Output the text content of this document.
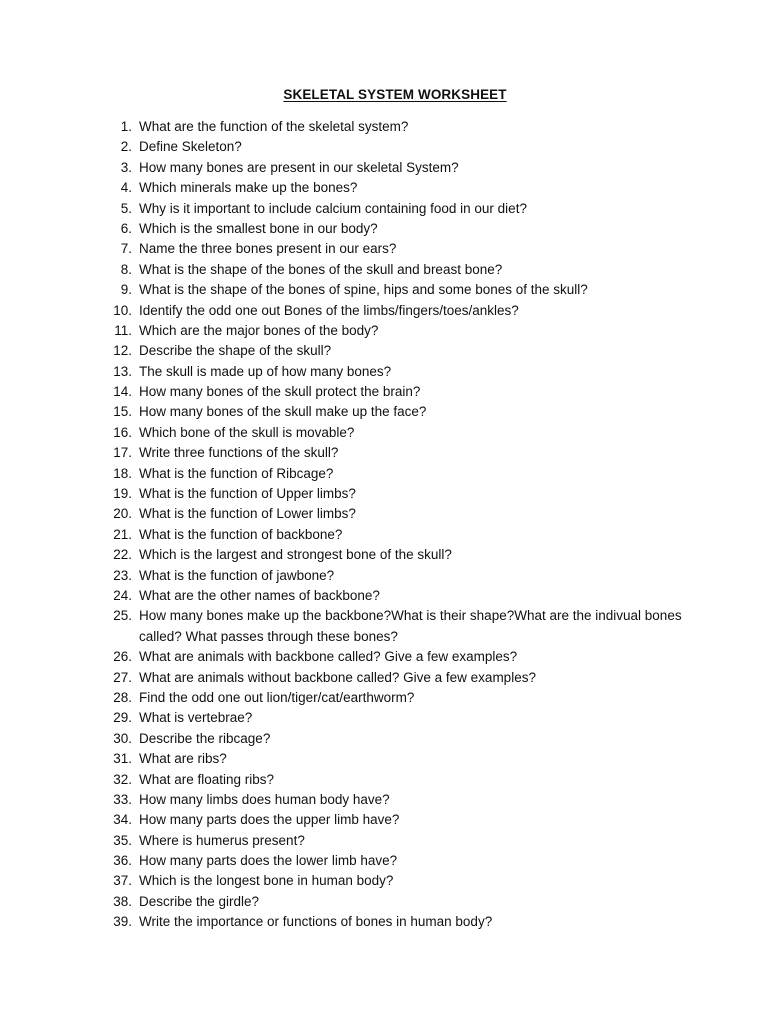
SKELETAL SYSTEM WORKSHEET
1. What are the function of the skeletal system?
2. Define Skeleton?
3. How many bones are present in our skeletal System?
4. Which minerals make up the bones?
5. Why is it important to include calcium containing food in our diet?
6. Which is the smallest bone in our body?
7. Name the three bones present in our ears?
8. What is the shape of the bones of the skull and breast bone?
9. What is the shape of the bones of spine, hips and some bones of the skull?
10. Identify the odd one out Bones of the limbs/fingers/toes/ankles?
11. Which are the major bones of the body?
12. Describe the shape of the skull?
13. The skull is made up of how many bones?
14. How many bones of the skull protect the brain?
15. How many bones of the skull make up the face?
16. Which bone of the skull is movable?
17. Write three functions of the skull?
18. What is the function of Ribcage?
19. What is the function of Upper limbs?
20. What is the function of Lower limbs?
21. What is the function of backbone?
22. Which is the largest and strongest bone of the skull?
23. What is the function of jawbone?
24. What are the other names of backbone?
25. How many bones make up the backbone?What is their shape?What are the indivual bones called? What passes through these bones?
26. What are animals with backbone called? Give a few examples?
27. What are animals without backbone called? Give a few examples?
28. Find the odd one out lion/tiger/cat/earthworm?
29. What is vertebrae?
30. Describe the ribcage?
31. What are ribs?
32. What are floating ribs?
33. How many limbs does human body have?
34. How many parts does the upper limb have?
35. Where is humerus present?
36. How many parts does the lower limb have?
37. Which is the longest bone in human body?
38. Describe the girdle?
39. Write the importance or functions of bones in human body?
